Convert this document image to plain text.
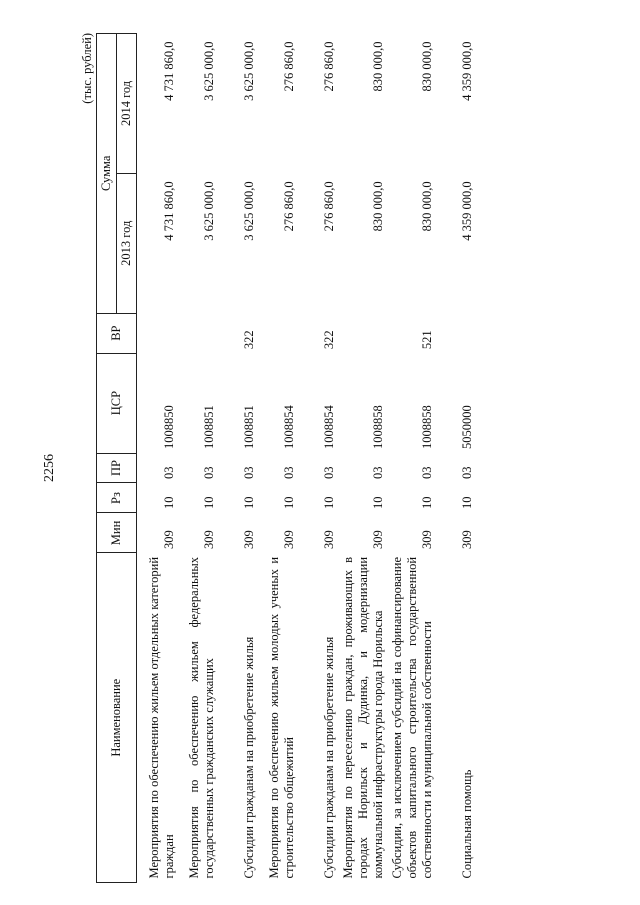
2256
(тыс. рублей)
Наименование	Мин	Рз	ПР	ЦСР	ВР	Сумма	
						2013 год	2014 год
Мероприятия по обеспечению жильем отдельных категорий граждан	309	10	03	1008850		4 731 860,0	4 731 860,0
Мероприятия по обеспечению жильем федеральных государственных гражданских служащих	309	10	03	1008851		3 625 000,0	3 625 000,0
Субсидии гражданам на приобретение жилья	309	10	03	1008851	322	3 625 000,0	3 625 000,0
Мероприятия по обеспечению жильем молодых ученых и строительство общежитий	309	10	03	1008854		276 860,0	276 860,0
Субсидии гражданам на приобретение жилья	309	10	03	1008854	322	276 860,0	276 860,0
Мероприятия по переселению граждан, проживающих в городах Норильск и Дудинка, и модернизации коммунальной инфраструктуры города Норильска	309	10	03	1008858		830 000,0	830 000,0
Субсидии, за исключением субсидий на софинансирование объектов капитального строительства государственной собственности и муниципальной собственности	309	10	03	1008858	521	830 000,0	830 000,0
Социальная помощь	309	10	03	5050000		4 359 000,0	4 359 000,0
